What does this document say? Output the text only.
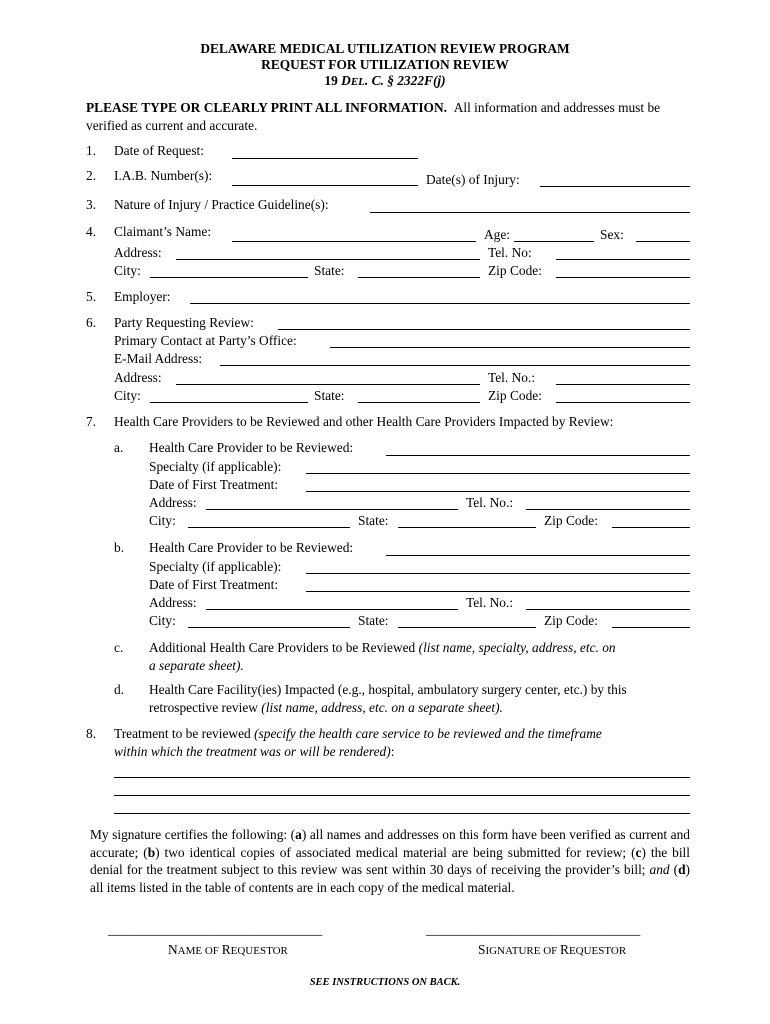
DELAWARE MEDICAL UTILIZATION REVIEW PROGRAM
REQUEST FOR UTILIZATION REVIEW
19 DEL. C. § 2322F(j)
PLEASE TYPE OR CLEARLY PRINT ALL INFORMATION. All information and addresses must be
verified as current and accurate.
1. Date of Request:
2. I.A.B. Number(s):	Date(s) of Injury:
3. Nature of Injury / Practice Guideline(s):
4. Claimant’s Name:	Age:	Sex:
Address:	Tel. No:
City:	State:	Zip Code:
5. Employer:
6. Party Requesting Review:
Primary Contact at Party’s Office:
E-Mail Address:
Address:	Tel. No.:
City:	State:	Zip Code:
7. Health Care Providers to be Reviewed and other Health Care Providers Impacted by Review:
a. Health Care Provider to be Reviewed:
Specialty (if applicable):
Date of First Treatment:
Address:	Tel. No.:
City:	State:	Zip Code:
b. Health Care Provider to be Reviewed:
Specialty (if applicable):
Date of First Treatment:
Address:	Tel. No.:
City:	State:	Zip Code:
c. Additional Health Care Providers to be Reviewed (list name, specialty, address, etc. on
a separate sheet).
d. Health Care Facility(ies) Impacted (e.g., hospital, ambulatory surgery center, etc.) by this
retrospective review (list name, address, etc. on a separate sheet).
8. Treatment to be reviewed (specify the health care service to be reviewed and the timeframe
within which the treatment was or will be rendered):
My signature certifies the following: (a) all names and addresses on this form have been verified as current and accurate; (b) two identical copies of associated medical material are being submitted for review; (c) the bill denial for the treatment subject to this review was sent within 30 days of receiving the provider’s bill; and (d) all items listed in the table of contents are in each copy of the medical material.
________________________________	________________________________
NAME OF REQUESTOR	SIGNATURE OF REQUESTOR
SEE INSTRUCTIONS ON BACK.
